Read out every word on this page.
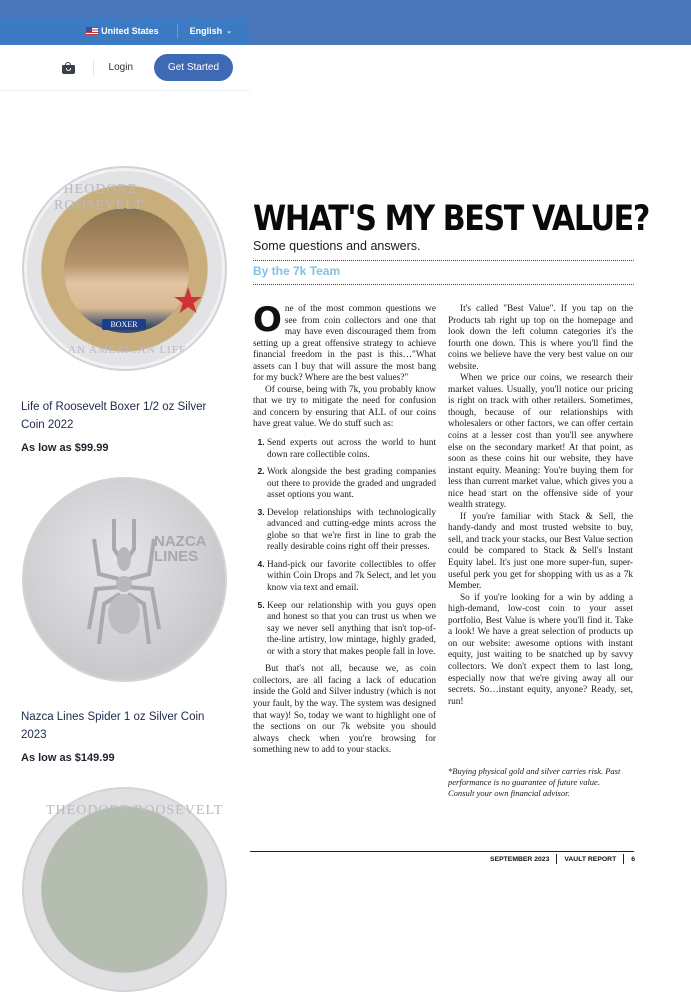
United States	English ⌄
Login	Get Started
THEODORE ROOSEVELT
AN AMERICAN LIFE
★
BOXER
Life of Roosevelt Boxer 1/2 oz Silver Coin 2022
As low as $99.99
NAZCA LINES
Nazca Lines Spider 1 oz Silver Coin 2023
As low as $149.99
THEODORE ROOSEVELT
WHAT'S MY BEST VALUE?
Some questions and answers.
By the 7k Team

One of the most common questions we see from coin collectors and one that may have even discouraged them from setting up a great offensive strategy to achieve financial freedom in the past is this…"What assets can I buy that will assure the most bang for my buck? Where are the best values?"

Of course, being with 7k, you probably know that we try to mitigate the need for confusion and concern by ensuring that ALL of our coins have great value. We do stuff such as:

1. Send experts out across the world to hunt down rare collectible coins.
2. Work alongside the best grading companies out there to provide the graded and ungraded asset options you want.
3. Develop relationships with technologically advanced and cutting-edge mints across the globe so that we're first in line to grab the really desirable coins right off their presses.
4. Hand-pick our favorite collectibles to offer within Coin Drops and 7k Select, and let you know via text and email.
5. Keep our relationship with you guys open and honest so that you can trust us when we say we never sell anything that isn't top-of-the-line artistry, low mintage, highly graded, or with a story that makes people fall in love.

But that's not all, because we, as coin collectors, are all facing a lack of education inside the Gold and Silver industry (which is not your fault, by the way. The system was designed that way)! So, today we want to highlight one of the sections on our 7k website you should always check when you're browsing for something new to add to your stacks.

It's called "Best Value". If you tap on the Products tab right up top on the homepage and look down the left column categories it's the fourth one down. This is where you'll find the coins we believe have the very best value on our website.

When we price our coins, we research their market values. Usually, you'll notice our pricing is right on track with other retailers. Sometimes, though, because of our relationships with wholesalers or other factors, we can offer certain coins at a lesser cost than you'll see anywhere else on the secondary market! At that point, as soon as these coins hit our website, they have instant equity. Meaning: You're buying them for less than current market value, which gives you a nice head start on the offensive side of your wealth strategy.

If you're familiar with Stack & Sell, the handy-dandy and most trusted website to buy, sell, and track your stacks, our Best Value section could be compared to Stack & Sell's Instant Equity label. It's just one more super-fun, super-useful perk you get for shopping with us as a 7k Member.

So if you're looking for a win by adding a high-demand, low-cost coin to your asset portfolio, Best Value is where you'll find it. Take a look! We have a great selection of products up on our website: awesome options with instant equity, just waiting to be snatched up by savvy collectors. We don't expect them to last long, especially now that we're giving away all our secrets. So…instant equity, anyone? Ready, set, run!

*Buying physical gold and silver carries risk. Past performance is no guarantee of future value. Consult your own financial advisor.
SEPTEMBER 2023 VAULT REPORT 6
